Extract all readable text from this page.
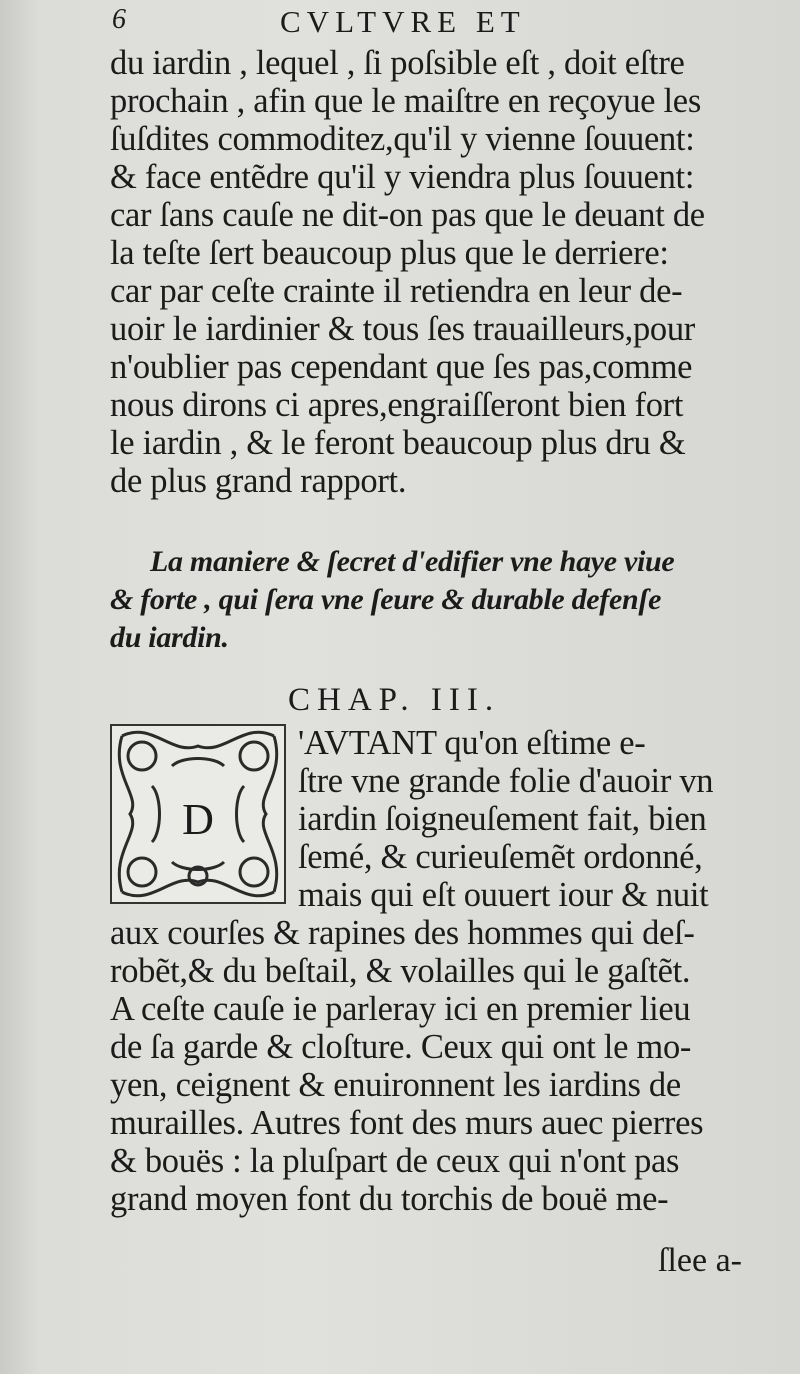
6	CVLTVRE ET
du iardin , lequel , ſi poſsible eſt , doit eſtre
prochain , afin que le maiſtre en reçoyue les
ſuſdites commoditez,qu'il y vienne ſouuent:
& face entẽdre qu'il y viendra plus ſouuent:
car ſans cauſe ne dit-on pas que le deuant de
la teſte ſert beaucoup plus que le derriere:
car par ceſte crainte il retiendra en leur de-
uoir le iardinier & tous ſes trauailleurs,pour
n'oublier pas cependant que ſes pas,comme
nous dirons ci apres,engraiſſeront bien fort
le iardin , & le feront beaucoup plus dru &
de plus grand rapport.
La maniere & ſecret d'edifier vne haye viue
& forte , qui ſera vne ſeure & durable defenſe
du iardin.
CHAP. III.
D
'AVTANT qu'on eſtime e-
ſtre vne grande folie d'auoir vn
iardin ſoigneuſement fait, bien
ſemé, & curieuſemẽt ordonné,
mais qui eſt ouuert iour & nuit
aux courſes & rapines des hommes qui deſ-
robẽt,& du beſtail, & volailles qui le gaſtẽt.
A ceſte cauſe ie parleray ici en premier lieu
de ſa garde & cloſture. Ceux qui ont le mo-
yen, ceignent & enuironnent les iardins de
murailles. Autres font des murs auec pierres
& bouës : la pluſpart de ceux qui n'ont pas
grand moyen font du torchis de bouë me-
ſlee a-
